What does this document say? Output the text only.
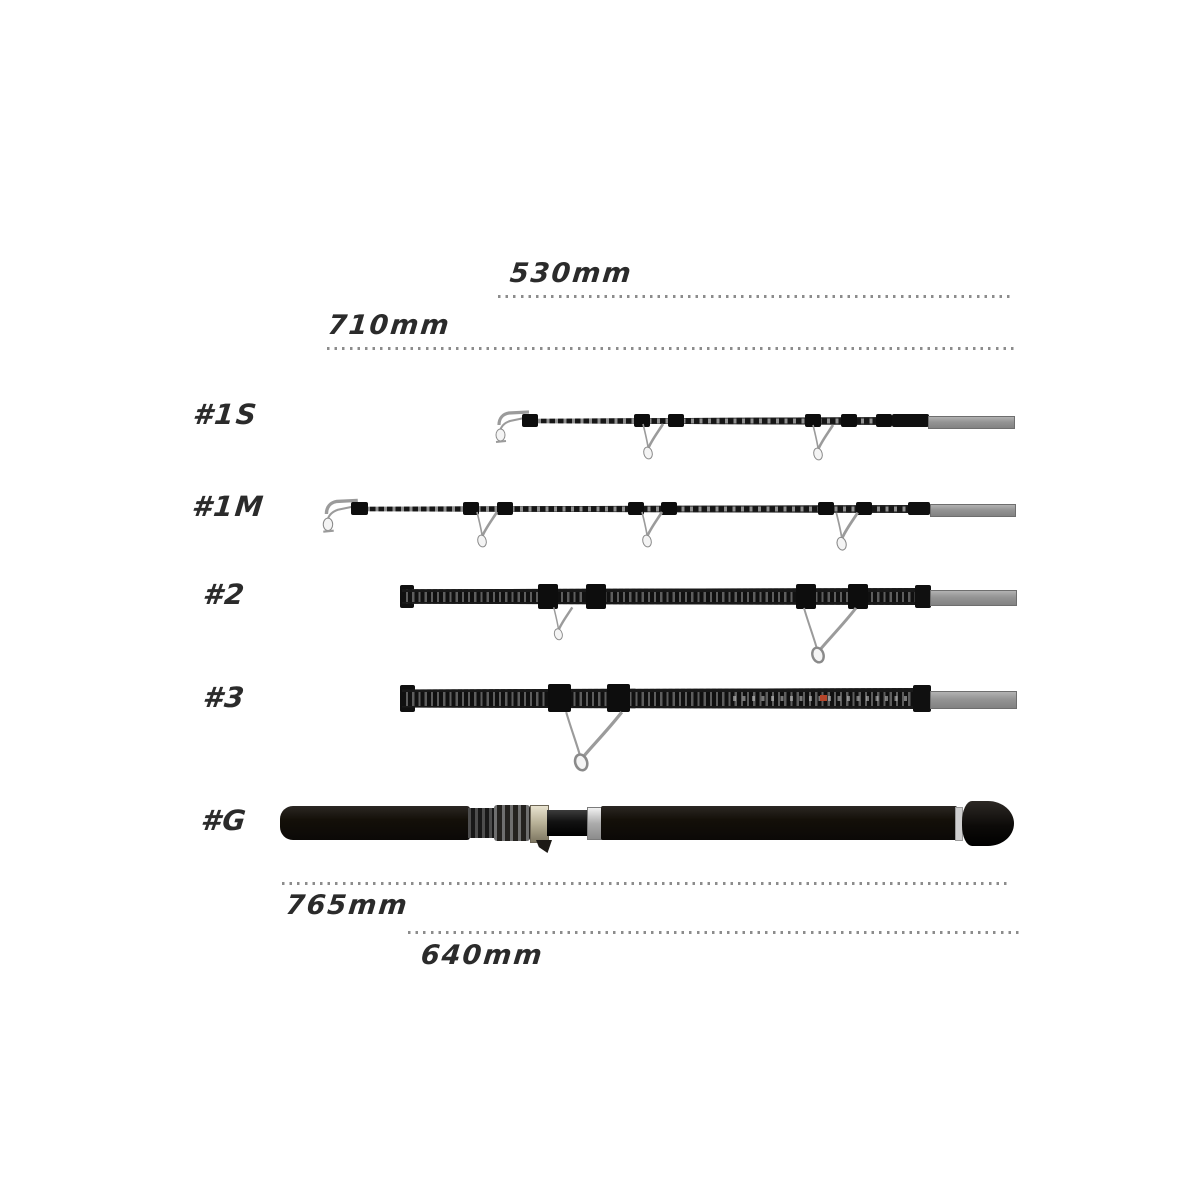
530mm
710mm
#1S
#1M
#2
#3
#G
765mm
640mm
